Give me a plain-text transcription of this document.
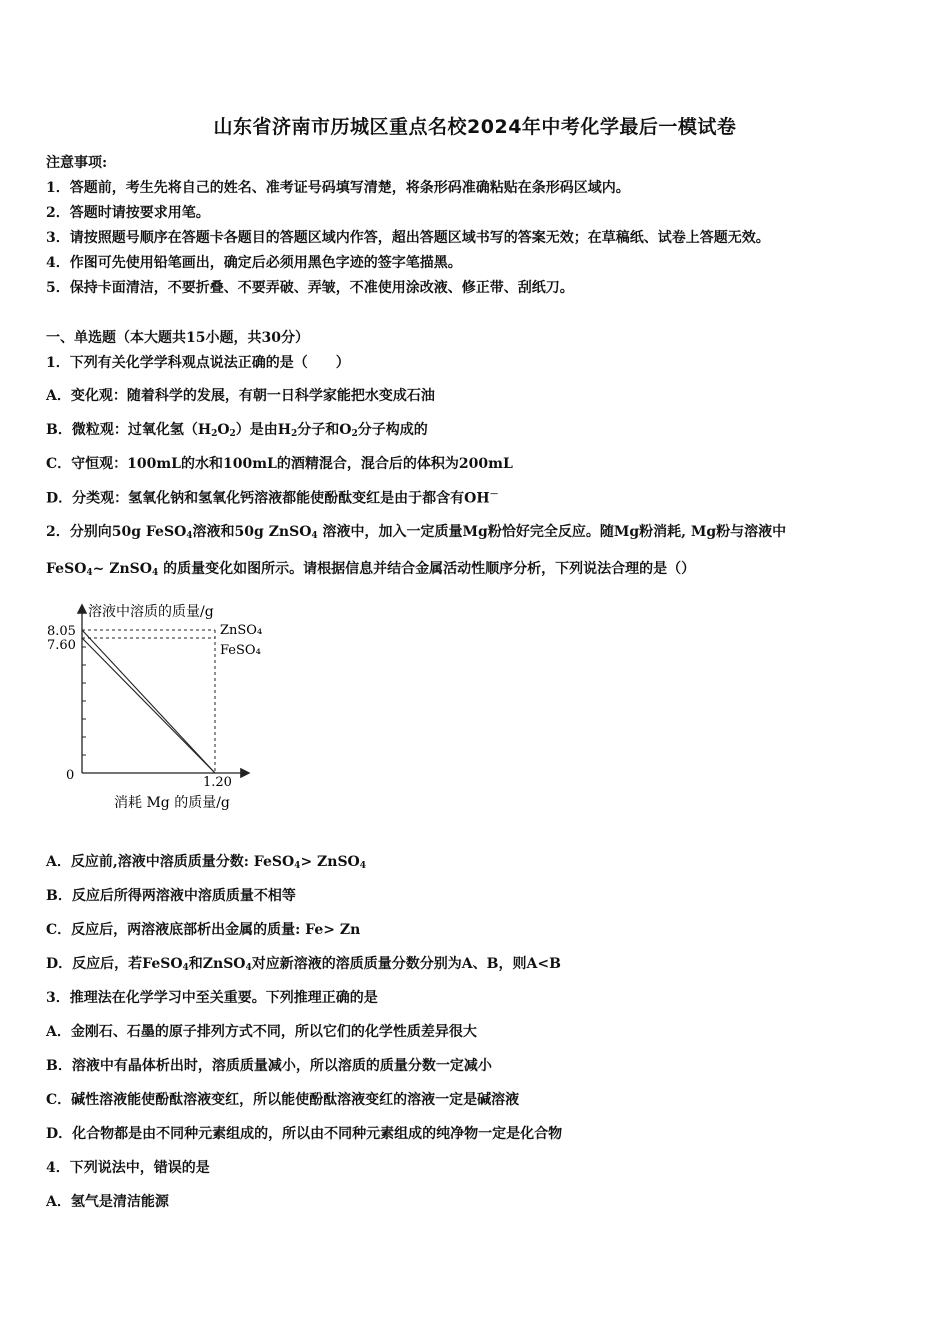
山东省济南市历城区重点名校2024年中考化学最后一模试卷
注意事项:
1．答题前，考生先将自己的姓名、准考证号码填写清楚，将条形码准确粘贴在条形码区域内。
2．答题时请按要求用笔。
3．请按照题号顺序在答题卡各题目的答题区域内作答，超出答题区域书写的答案无效；在草稿纸、试卷上答题无效。
4．作图可先使用铅笔画出，确定后必须用黑色字迹的签字笔描黑。
5．保持卡面清洁，不要折叠、不要弄破、弄皱，不准使用涂改液、修正带、刮纸刀。
一、单选题（本大题共15小题，共30分）
1．下列有关化学学科观点说法正确的是（　　）
A．变化观：随着科学的发展，有朝一日科学家能把水变成石油
B．微粒观：过氧化氢$(H_2O_2)$是由$H_2$分子和$O_2$分子构成的
C．守恒观：100mL的水和100mL的酒精混合，混合后的体积为200mL
D．分类观：氢氧化钠和氢氧化钙溶液都能使酚酞变红是由于都含有OH－
2．分别向50g FeSO$_4$溶液和50g ZnSO$_4$ 溶液中，加入一定质量Mg粉恰好完全反应。随Mg粉消耗, Mg粉与溶液中
FeSO$_4$~ ZnSO$_4$ 的质量变化如图所示。请根据信息并结合金属活动性顺序分析，下列说法合理的是（）
8.05
7.60
0	1.20
溶液中溶质的质量/g
消耗 Mg 的质量/g
ZnSO₄
FeSO₄
A．反应前,溶液中溶质质量分数: FeSO$_4$> ZnSO$_4$
B．反应后所得两溶液中溶质质量不相等
C．反应后，两溶液底部析出金属的质量: Fe> Zn
D．反应后，若FeSO$_4$和ZnSO$_4$对应新溶液的溶质质量分数分别为A、B，则A<B
3．推理法在化学学习中至关重要。下列推理正确的是
A．金刚石、石墨的原子排列方式不同，所以它们的化学性质差异很大
B．溶液中有晶体析出时，溶质质量减小，所以溶质的质量分数一定减小
C．碱性溶液能使酚酞溶液变红，所以能使酚酞溶液变红的溶液一定是碱溶液
D．化合物都是由不同种元素组成的，所以由不同种元素组成的纯净物一定是化合物
4．下列说法中，错误的是
A．氢气是清洁能源
